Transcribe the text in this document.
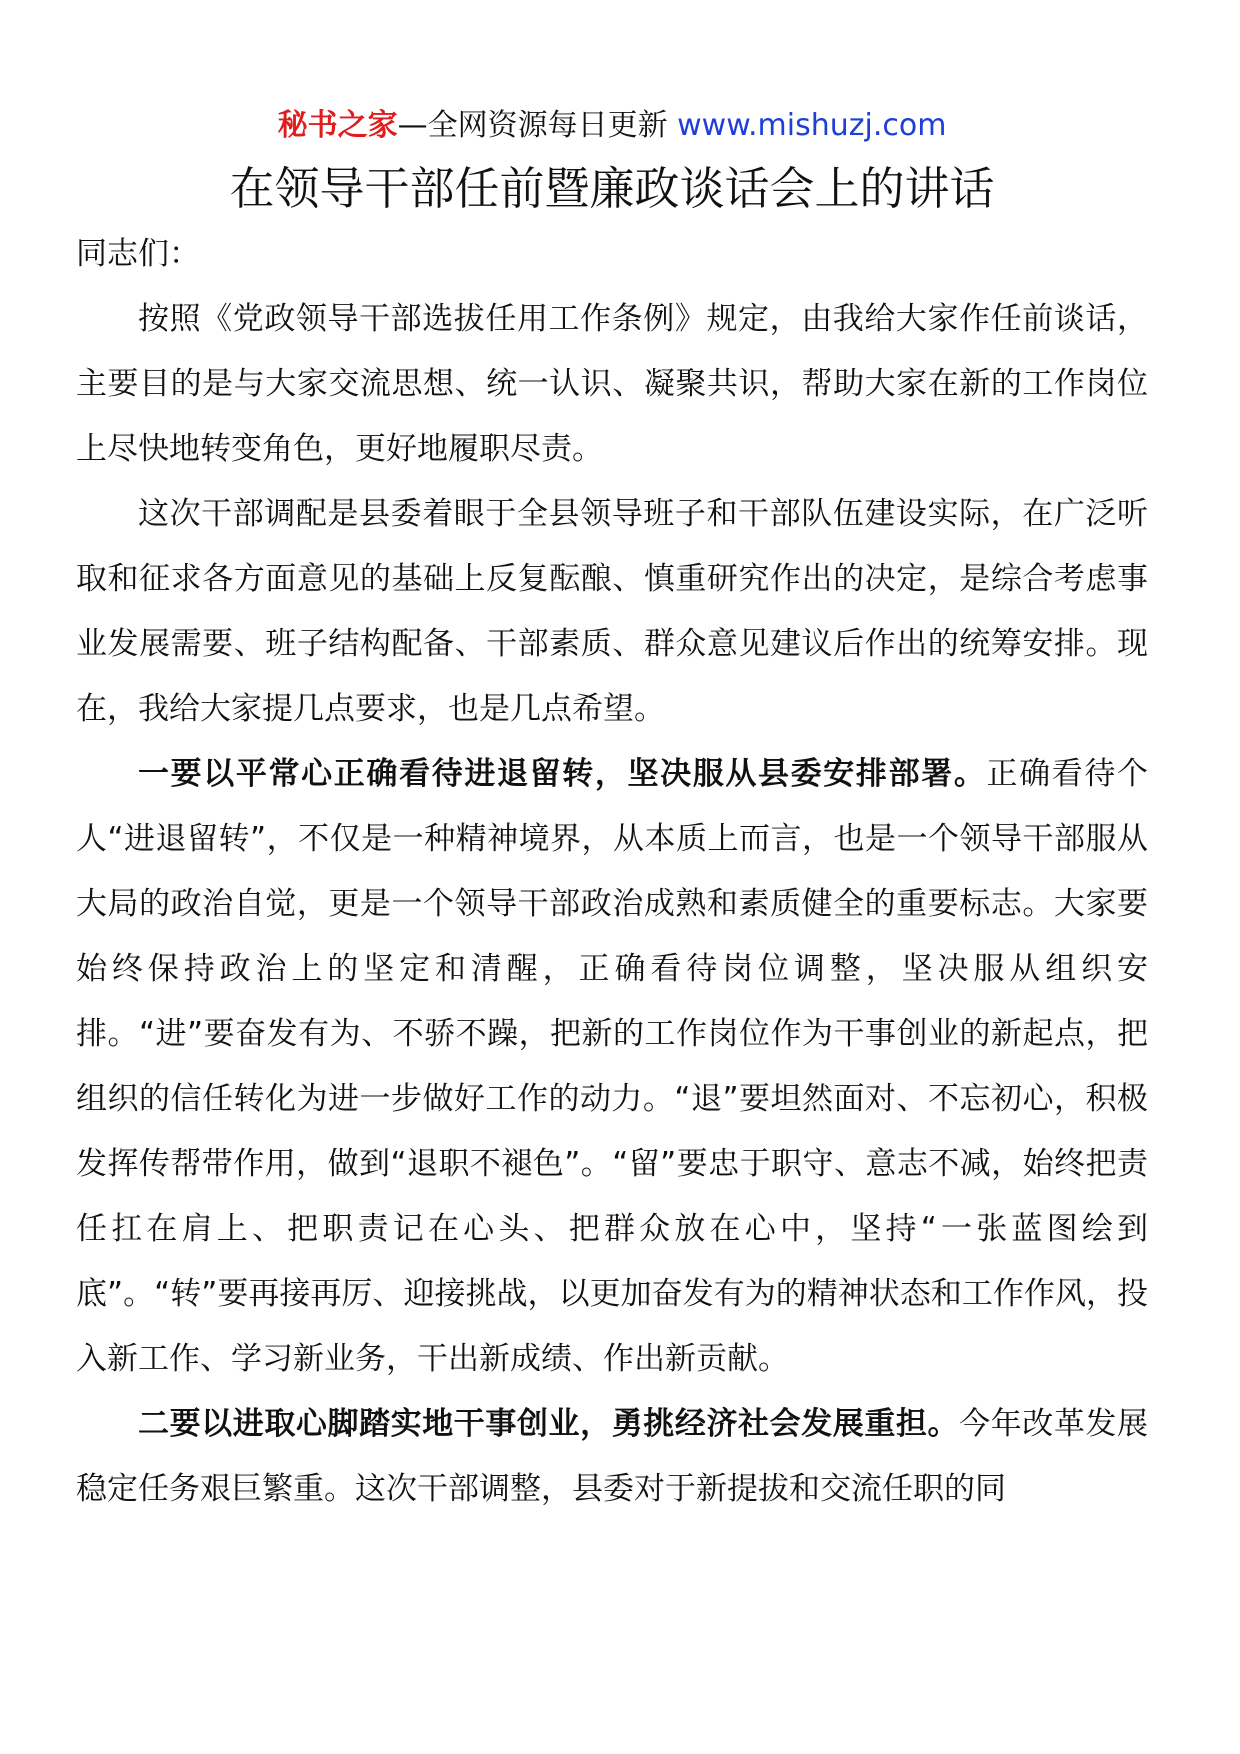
秘书之家—全网资源每日更新 www.mishuzj.com
在领导干部任前暨廉政谈话会上的讲话

同志们：

按照《党政领导干部选拔任用工作条例》规定，由我给大家作任前谈话，主要目的是与大家交流思想、统一认识、凝聚共识，帮助大家在新的工作岗位上尽快地转变角色，更好地履职尽责。

这次干部调配是县委着眼于全县领导班子和干部队伍建设实际，在广泛听取和征求各方面意见的基础上反复酝酿、慎重研究作出的决定，是综合考虑事业发展需要、班子结构配备、干部素质、群众意见建议后作出的统筹安排。现在，我给大家提几点要求，也是几点希望。

一要以平常心正确看待进退留转，坚决服从县委安排部署。正确看待个人“进退留转”，不仅是一种精神境界，从本质上而言，也是一个领导干部服从大局的政治自觉，更是一个领导干部政治成熟和素质健全的重要标志。大家要始终保持政治上的坚定和清醒，正确看待岗位调整，坚决服从组织安排。“进”要奋发有为、不骄不躁，把新的工作岗位作为干事创业的新起点，把组织的信任转化为进一步做好工作的动力。“退”要坦然面对、不忘初心，积极发挥传帮带作用，做到“退职不褪色”。“留”要忠于职守、意志不减，始终把责任扛在肩上、把职责记在心头、把群众放在心中，坚持“一张蓝图绘到底”。“转”要再接再厉、迎接挑战，以更加奋发有为的精神状态和工作作风，投入新工作、学习新业务，干出新成绩、作出新贡献。

二要以进取心脚踏实地干事创业，勇挑经济社会发展重担。今年改革发展稳定任务艰巨繁重。这次干部调整，县委对于新提拔和交流任职的同
